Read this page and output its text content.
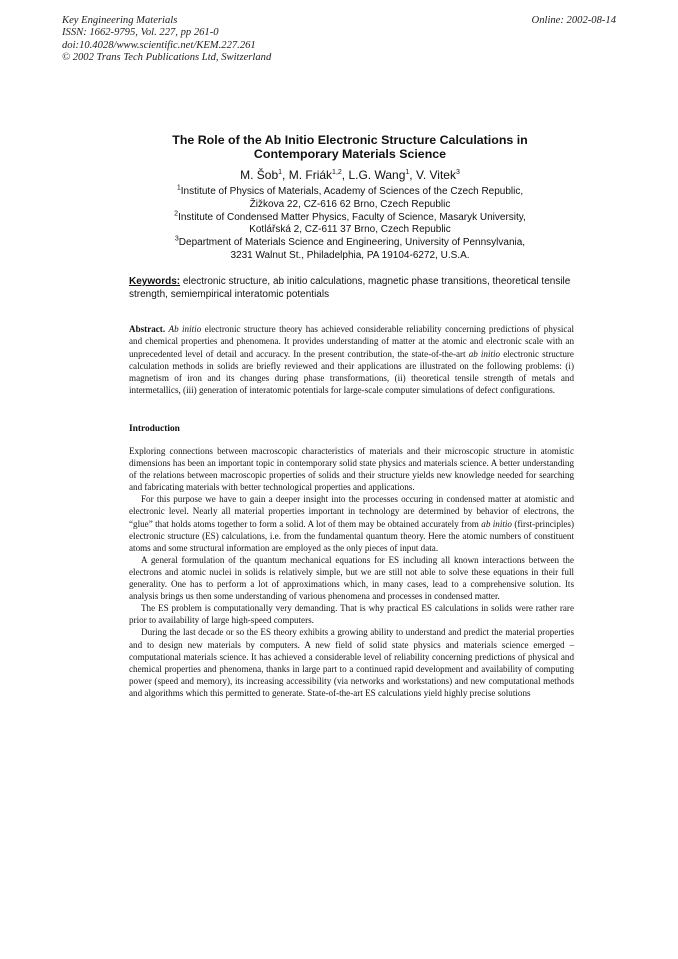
Key Engineering Materials
ISSN: 1662-9795, Vol. 227, pp 261-0
doi:10.4028/www.scientific.net/KEM.227.261
© 2002 Trans Tech Publications Ltd, Switzerland
Online: 2002-08-14
The Role of the Ab Initio Electronic Structure Calculations in
Contemporary Materials Science
M. Šob$^1$, M. Friák$^{1,2}$, L.G. Wang$^1$, V. Vitek$^3$

$^1$Institute of Physics of Materials, Academy of Sciences of the Czech Republic,

Žižkova 22, CZ-616 62 Brno, Czech Republic

$^2$Institute of Condensed Matter Physics, Faculty of Science, Masaryk University,

Kotlářská 2, CZ-611 37 Brno, Czech Republic

$^3$Department of Materials Science and Engineering, University of Pennsylvania,

3231 Walnut St., Philadelphia, PA 19104-6272, U.S.A.

Keywords: electronic structure, ab initio calculations, magnetic phase transitions, theoretical tensile strength, semiempirical interatomic potentials
Abstract. Ab initio electronic structure theory has achieved considerable reliability concerning predictions of physical and chemical properties and phenomena. It provides understanding of matter at the atomic and electronic scale with an unprecedented level of detail and accuracy. In the present contribution, the state-of-the-art ab initio electronic structure calculation methods in solids are briefly reviewed and their applications are illustrated on the following problems: (i) magnetism of iron and its changes during phase transformations, (ii) theoretical tensile strength of metals and intermetallics, (iii) generation of interatomic potentials for large-scale computer simulations of defect configurations.
Introduction

Exploring connections between macroscopic characteristics of materials and their microscopic structure in atomistic dimensions has been an important topic in contemporary solid state physics and materials science. A better understanding of the relations between macroscopic properties of solids and their structure yields new knowledge needed for searching and fabricating materials with better technological properties and applications.

For this purpose we have to gain a deeper insight into the processes occuring in condensed matter at atomistic and electronic level. Nearly all material properties important in technology are determined by behavior of electrons, the “glue” that holds atoms together to form a solid. A lot of them may be obtained accurately from ab initio (first-principles) electronic structure (ES) calculations, i.e. from the fundamental quantum theory. Here the atomic numbers of constituent atoms and some structural information are employed as the only pieces of input data.

A general formulation of the quantum mechanical equations for ES including all known interactions between the electrons and atomic nuclei in solids is relatively simple, but we are still not able to solve these equations in their full generality. One has to perform a lot of approximations which, in many cases, lead to a comprehensive solution. Its analysis brings us then some understanding of various phenomena and processes in condensed matter.

The ES problem is computationally very demanding. That is why practical ES calculations in solids were rather rare prior to availability of large high-speed computers.

During the last decade or so the ES theory exhibits a growing ability to understand and predict the material properties and to design new materials by computers. A new field of solid state physics and materials science emerged – computational materials science. It has achieved a considerable level of reliability concerning predictions of physical and chemical properties and phenomena, thanks in large part to a continued rapid development and availability of computing power (speed and memory), its increasing accessibility (via networks and workstations) and new computational methods and algorithms which this permitted to generate. State-of-the-art ES calculations yield highly precise solutions
